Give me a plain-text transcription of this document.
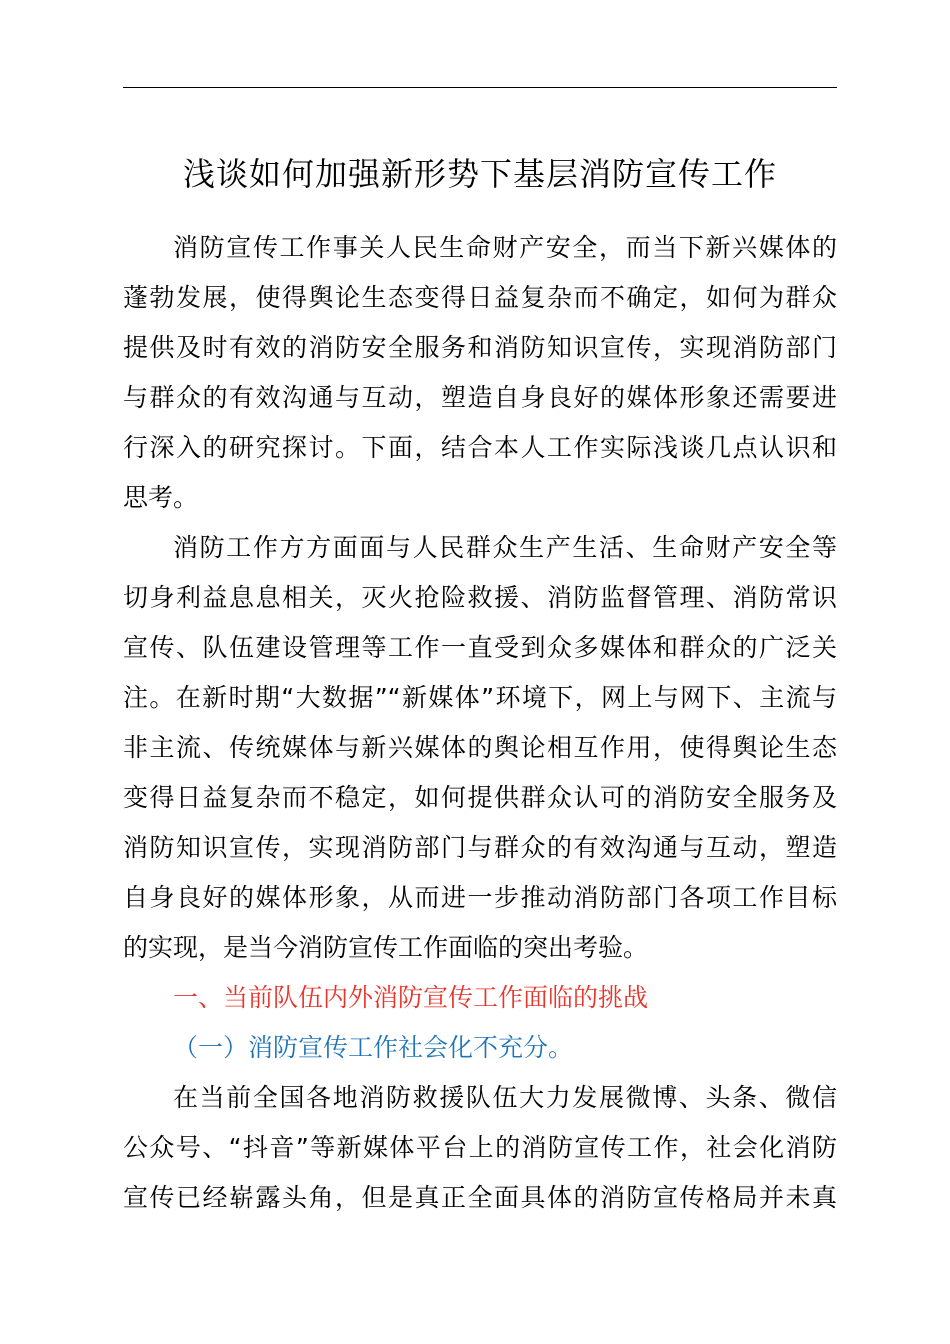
浅谈如何加强新形势下基层消防宣传工作
消防宣传工作事关人民生命财产安全，而当下新兴媒体的
蓬勃发展，使得舆论生态变得日益复杂而不确定，如何为群众
提供及时有效的消防安全服务和消防知识宣传，实现消防部门
与群众的有效沟通与互动，塑造自身良好的媒体形象还需要进
行深入的研究探讨。下面，结合本人工作实际浅谈几点认识和
思考。
消防工作方方面面与人民群众生产生活、生命财产安全等
切身利益息息相关，灭火抢险救援、消防监督管理、消防常识
宣传、队伍建设管理等工作一直受到众多媒体和群众的广泛关
注。在新时期“大数据”“新媒体”环境下，网上与网下、主流与
非主流、传统媒体与新兴媒体的舆论相互作用，使得舆论生态
变得日益复杂而不稳定，如何提供群众认可的消防安全服务及
消防知识宣传，实现消防部门与群众的有效沟通与互动，塑造
自身良好的媒体形象，从而进一步推动消防部门各项工作目标
的实现，是当今消防宣传工作面临的突出考验。
一、当前队伍内外消防宣传工作面临的挑战
（一）消防宣传工作社会化不充分。
在当前全国各地消防救援队伍大力发展微博、头条、微信
公众号、“抖音”等新媒体平台上的消防宣传工作，社会化消防
宣传已经崭露头角，但是真正全面具体的消防宣传格局并未真
